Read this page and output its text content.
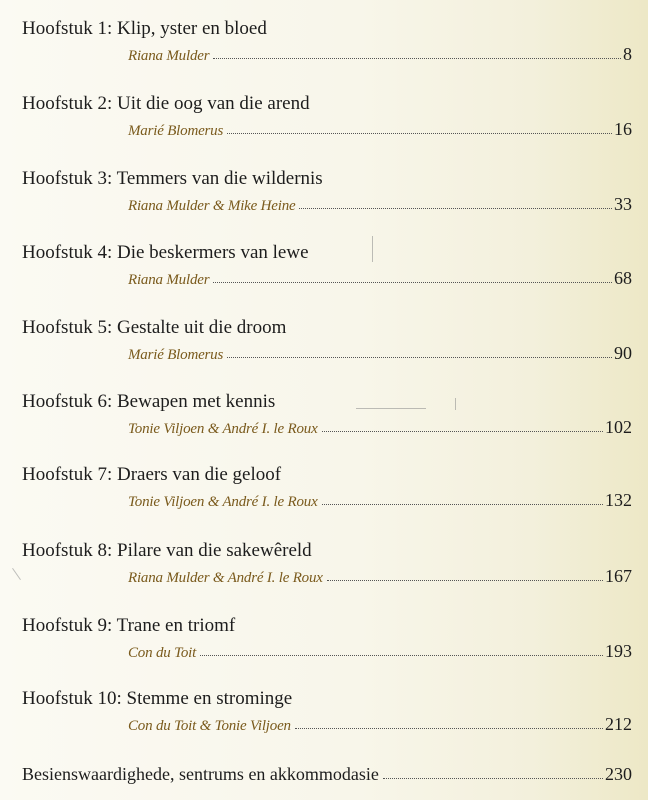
Hoofstuk 1: Klip, yster en bloed
Riana Mulder	8
Hoofstuk 2: Uit die oog van die arend
Marié Blomerus	16
Hoofstuk 3: Temmers van die wildernis
Riana Mulder & Mike Heine	33
Hoofstuk 4: Die beskermers van lewe
Riana Mulder	68
Hoofstuk 5: Gestalte uit die droom
Marié Blomerus	90
Hoofstuk 6: Bewapen met kennis
Tonie Viljoen & André I. le Roux	102
Hoofstuk 7: Draers van die geloof
Tonie Viljoen & André I. le Roux	132
Hoofstuk 8: Pilare van die sakewêreld
Riana Mulder & André I. le Roux	167
Hoofstuk 9: Trane en triomf
Con du Toit	193
Hoofstuk 10: Stemme en strominge
Con du Toit & Tonie Viljoen	212
Besienswaardighede, sentrums en akkommodasie	230
